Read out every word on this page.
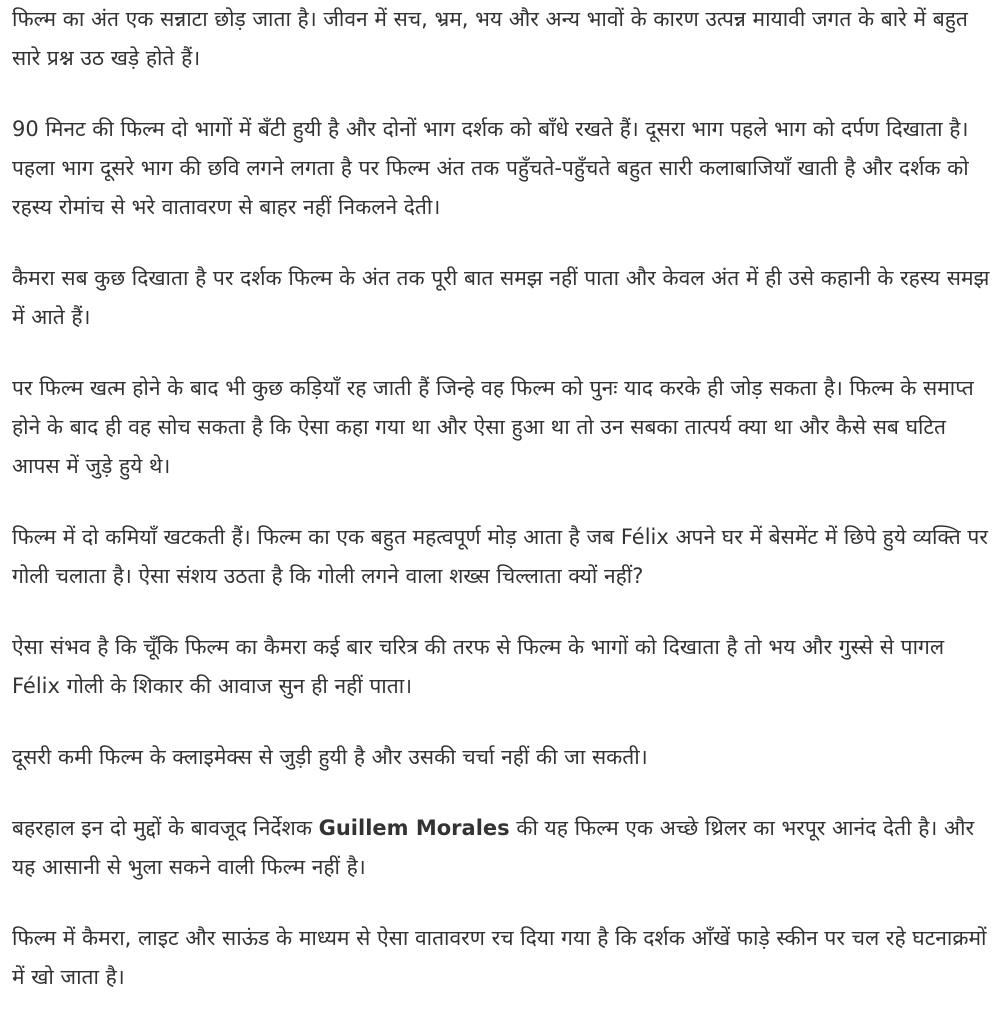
फिल्म का अंत एक सन्नाटा छोड़ जाता है। जीवन में सच, भ्रम, भय और अन्य भावों के कारण उत्पन्न मायावी जगत के बारे में बहुत सारे प्रश्न उठ खड़े होते हैं।

90 मिनट की फिल्म दो भागों में बँटी हुयी है और दोनों भाग दर्शक को बाँधे रखते हैं। दूसरा भाग पहले भाग को दर्पण दिखाता है। पहला भाग दूसरे भाग की छवि लगने लगता है पर फिल्म अंत तक पहुँचते-पहुँचते बहुत सारी कलाबाजियाँ खाती है और दर्शक को रहस्य रोमांच से भरे वातावरण से बाहर नहीं निकलने देती।

कैमरा सब कुछ दिखाता है पर दर्शक फिल्म के अंत तक पूरी बात समझ नहीं पाता और केवल अंत में ही उसे कहानी के रहस्य समझ में आते हैं।

पर फिल्म खत्म होने के बाद भी कुछ कड़ियाँ रह जाती हैं जिन्हे वह फिल्म को पुनः याद करके ही जोड़ सकता है। फिल्म के समाप्त होने के बाद ही वह सोच सकता है कि ऐसा कहा गया था और ऐसा हुआ था तो उन सबका तात्पर्य क्या था और कैसे सब घटित आपस में जुड़े हुये थे।

फिल्म में दो कमियाँ खटकती हैं। फिल्म का एक बहुत महत्वपूर्ण मोड़ आता है जब Félix अपने घर में बेसमेंट में छिपे हुये व्यक्ति पर गोली चलाता है। ऐसा संशय उठता है कि गोली लगने वाला शख्स चिल्लाता क्यों नहीं?

ऐसा संभव है कि चूँकि फिल्म का कैमरा कई बार चरित्र की तरफ से फिल्म के भागों को दिखाता है तो भय और गुस्से से पागल Félix गोली के शिकार की आवाज सुन ही नहीं पाता।

दूसरी कमी फिल्म के क्लाइमेक्स से जुड़ी हुयी है और उसकी चर्चा नहीं की जा सकती।

बहरहाल इन दो मुद्दों के बावजूद निर्देशक Guillem Morales की यह फिल्म एक अच्छे थ्रिलर का भरपूर आनंद देती है। और यह आसानी से भुला सकने वाली फिल्म नहीं है।

फिल्म में कैमरा, लाइट और साऊंड के माध्यम से ऐसा वातावरण रच दिया गया है कि दर्शक आँखें फाड़े स्कीन पर चल रहे घटनाक्रमों में खो जाता है।
